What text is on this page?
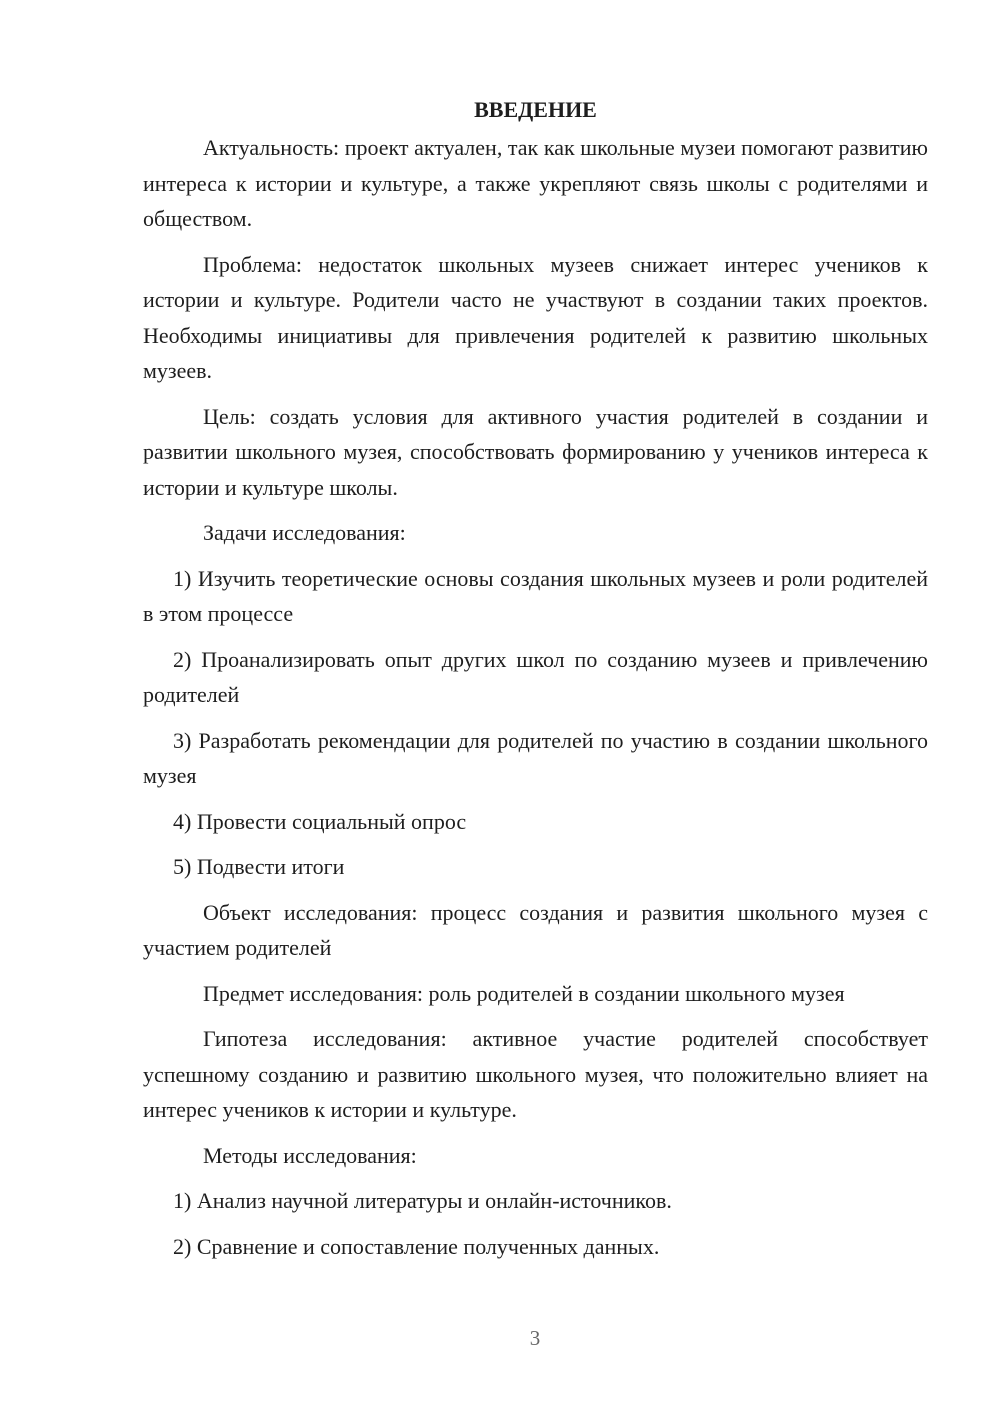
ВВЕДЕНИЕ

Актуальность: проект актуален, так как школьные музеи помогают развитию интереса к истории и культуре, а также укрепляют связь школы с родителями и обществом.

Проблема: недостаток школьных музеев снижает интерес учеников к истории и культуре. Родители часто не участвуют в создании таких проектов. Необходимы инициативы для привлечения родителей к развитию школьных музеев.

Цель: создать условия для активного участия родителей в создании и развитии школьного музея, способствовать формированию у учеников интереса к истории и культуре школы.

Задачи исследования:

1) Изучить теоретические основы создания школьных музеев и роли родителей в этом процессе

2) Проанализировать опыт других школ по созданию музеев и привлечению родителей

3) Разработать рекомендации для родителей по участию в создании школьного музея

4) Провести социальный опрос

5) Подвести итоги

Объект исследования: процесс создания и развития школьного музея с участием родителей

Предмет исследования: роль родителей в создании школьного музея

Гипотеза исследования: активное участие родителей способствует успешному созданию и развитию школьного музея, что положительно влияет на интерес учеников к истории и культуре.

Методы исследования:

1) Анализ научной литературы и онлайн-источников.

2) Сравнение и сопоставление полученных данных.

3
